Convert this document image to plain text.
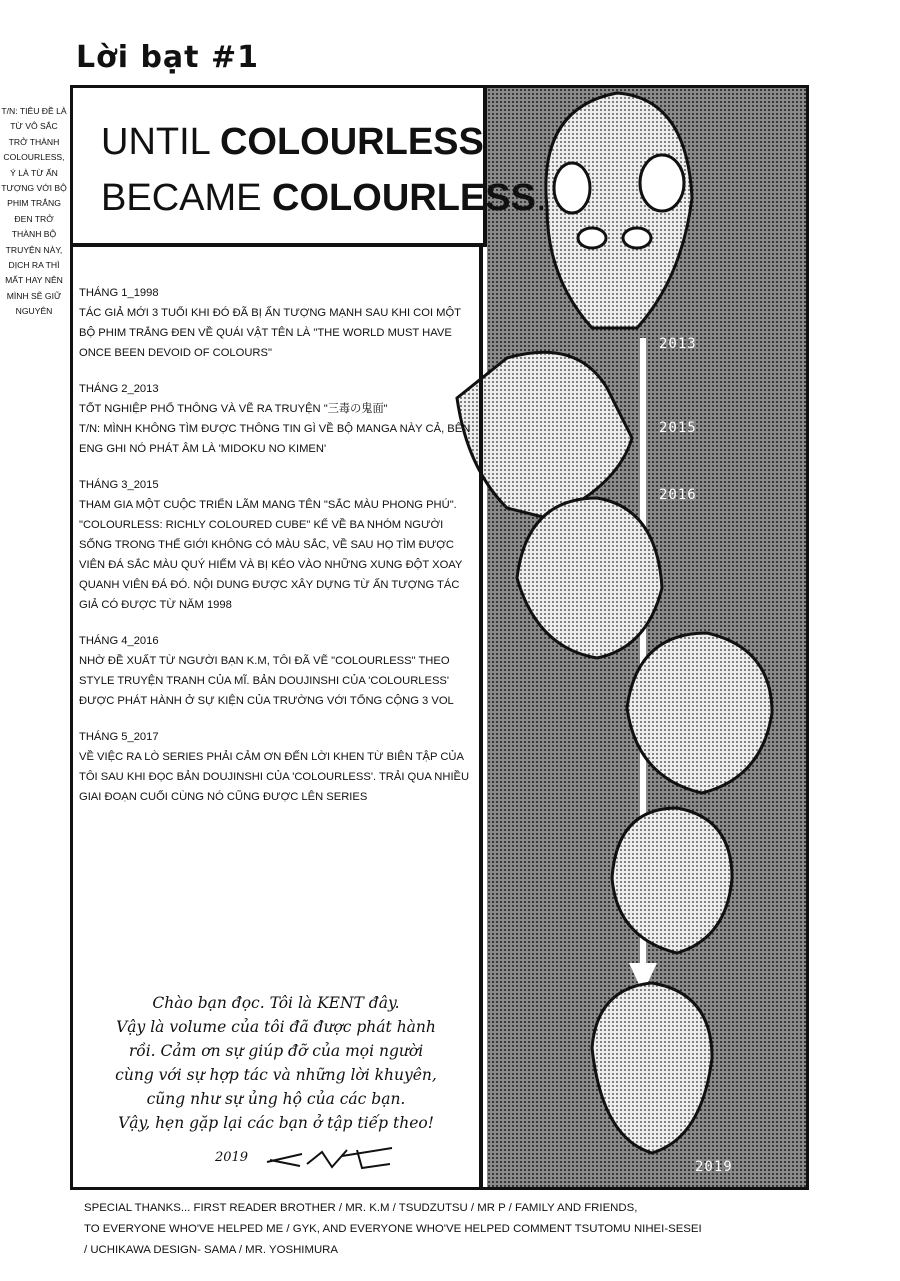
Lời bạt #1
T/N: TIÊU ĐỀ LÀ TỪ VÔ SẮC TRỞ THÀNH COLOURLESS, Ý LÀ TỪ ẤN TƯỢNG VỚI BỘ PHIM TRẮNG ĐEN TRỞ THÀNH BỘ TRUYỆN NÀY, DỊCH RA THÌ MẤT HAY NÊN MÌNH SẼ GIỮ NGUYÊN
2013
2015
2016
2019
UNTIL COLOURLESS
BECAME COLOURLESS.
THÁNG 1_1998
TÁC GIẢ MỚI 3 TUỔI KHI ĐÓ ĐÃ BỊ ẤN TƯỢNG MẠNH SAU KHI COI MỘT BỘ PHIM TRẮNG ĐEN VỀ QUÁI VẬT TÊN LÀ "THE WORLD MUST HAVE ONCE BEEN DEVOID OF COLOURS"
THÁNG 2_2013
TỐT NGHIỆP PHỔ THÔNG VÀ VẼ RA TRUYỆN "三毒の鬼面"
T/N: MÌNH KHÔNG TÌM ĐƯỢC THÔNG TIN GÌ VỀ BỘ MANGA NÀY CẢ, BÊN ENG GHI NÓ PHÁT ÂM LÀ 'MIDOKU NO KIMEN'
THÁNG 3_2015
THAM GIA MỘT CUỘC TRIỂN LÃM MANG TÊN "SẮC MÀU PHONG PHÚ". "COLOURLESS: RICHLY COLOURED CUBE" KỂ VỀ BA NHÓM NGƯỜI SỐNG TRONG THẾ GIỚI KHÔNG CÓ MÀU SẮC, VỀ SAU HỌ TÌM ĐƯỢC VIÊN ĐÁ SẮC MÀU QUÝ HIẾM VÀ BỊ KÉO VÀO NHỮNG XUNG ĐỘT XOAY QUANH VIÊN ĐÁ ĐÓ. NỘI DUNG ĐƯỢC XÂY DỰNG TỪ ẤN TƯỢNG TÁC GIẢ CÓ ĐƯỢC TỪ NĂM 1998
THÁNG 4_2016
NHỜ ĐỀ XUẤT TỪ NGƯỜI BẠN K.M, TÔI ĐÃ VẼ "COLOURLESS" THEO STYLE TRUYỆN TRANH CỦA MĨ. BẢN DOUJINSHI CỦA 'COLOURLESS' ĐƯỢC PHÁT HÀNH Ở SỰ KIỆN CỦA TRƯỜNG VỚI TỔNG CỘNG 3 VOL
THÁNG 5_2017
VỀ VIỆC RA LÒ SERIES PHẢI CẢM ƠN ĐẾN LỜI KHEN TỪ BIÊN TẬP CỦA TÔI SAU KHI ĐỌC BẢN DOUJINSHI CỦA 'COLOURLESS'. TRẢI QUA NHIỀU GIAI ĐOẠN CUỐI CÙNG NÓ CŨNG ĐƯỢC LÊN SERIES
Chào bạn đọc. Tôi là KENT đây.
Vậy là volume của tôi đã được phát hành
rồi. Cảm ơn sự giúp đỡ của mọi người
cùng với sự hợp tác và những lời khuyên,
cũng như sự ủng hộ của các bạn.
Vậy, hẹn gặp lại các bạn ở tập tiếp theo!
2019
SPECIAL THANKS... FIRST READER BROTHER / MR. K.M / TSUDZUTSU / MR P / FAMILY AND FRIENDS,
TO EVERYONE WHO'VE HELPED ME / GYK, AND EVERYONE WHO'VE HELPED COMMENT TSUTOMU NIHEI-SESEI
/ UCHIKAWA DESIGN- SAMA / MR. YOSHIMURA
